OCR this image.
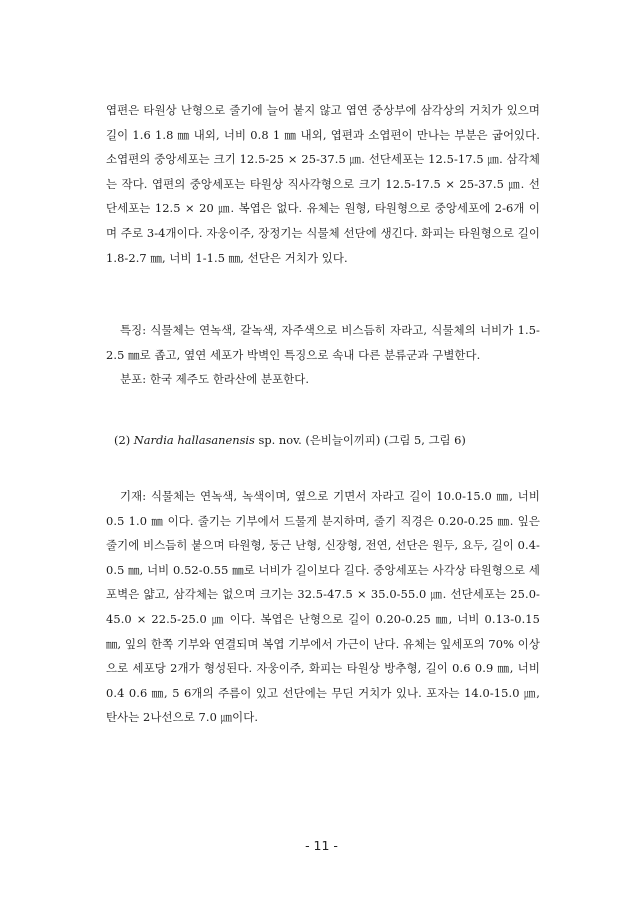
엽편은 타원상 난형으로 줄기에 늘어 붙지 않고 엽연 중상부에 삼각상의 거치가 있으며 길이 1.6 1.8 ㎜ 내외, 너비 0.8 1 ㎜ 내외, 엽편과 소엽편이 만나는 부분은 굽어있다. 소엽편의 중앙세포는 크기 12.5-25 × 25-37.5 ㎛. 선단세포는 12.5-17.5 ㎛. 삼각체는 작다. 엽편의 중앙세포는 타원상 직사각형으로 크기 12.5-17.5 × 25-37.5 ㎛. 선단세포는 12.5 × 20 ㎛. 복엽은 없다. 유체는 원형, 타원형으로 중앙세포에 2-6개 이며 주로 3-4개이다. 자웅이주, 장정기는 식물체 선단에 생긴다. 화피는 타원형으로 길이 1.8-2.7 ㎜, 너비 1-1.5 ㎜, 선단은 거치가 있다.

특징: 식물체는 연녹색, 갈녹색, 자주색으로 비스듬히 자라고, 식물체의 너비가 1.5-2.5 ㎜로 좁고, 옆연 세포가 박벽인 특징으로 속내 다른 분류군과 구별한다.

분포: 한국 제주도 한라산에 분포한다.

(2) Nardia hallasanensis sp. nov. (은비늘이끼피) (그림 5, 그림 6)

기재: 식물체는 연녹색, 녹색이며, 옆으로 기면서 자라고 길이 10.0-15.0 ㎜, 너비 0.5 1.0 ㎜ 이다. 줄기는 기부에서 드물게 분지하며, 줄기 직경은 0.20-0.25 ㎜. 잎은 줄기에 비스듬히 붙으며 타원형, 둥근 난형, 신장형, 전연, 선단은 원두, 요두, 길이 0.4-0.5 ㎜, 너비 0.52-0.55 ㎜로 너비가 길이보다 길다. 중앙세포는 사각상 타원형으로 세포벽은 얇고, 삼각체는 없으며 크기는 32.5-47.5 × 35.0-55.0 ㎛. 선단세포는 25.0-45.0 × 22.5-25.0 ㎛ 이다. 복엽은 난형으로 길이 0.20-0.25 ㎜, 너비 0.13-0.15 ㎜, 잎의 한쪽 기부와 연결되며 복엽 기부에서 가근이 난다. 유체는 잎세포의 70% 이상으로 세포당 2개가 형성된다. 자웅이주, 화피는 타원상 방추형, 길이 0.6 0.9 ㎜, 너비 0.4 0.6 ㎜, 5 6개의 주름이 있고 선단에는 무딘 거치가 있나. 포자는 14.0-15.0 ㎛, 탄사는 2나선으로 7.0 ㎛이다.

- 11 -
